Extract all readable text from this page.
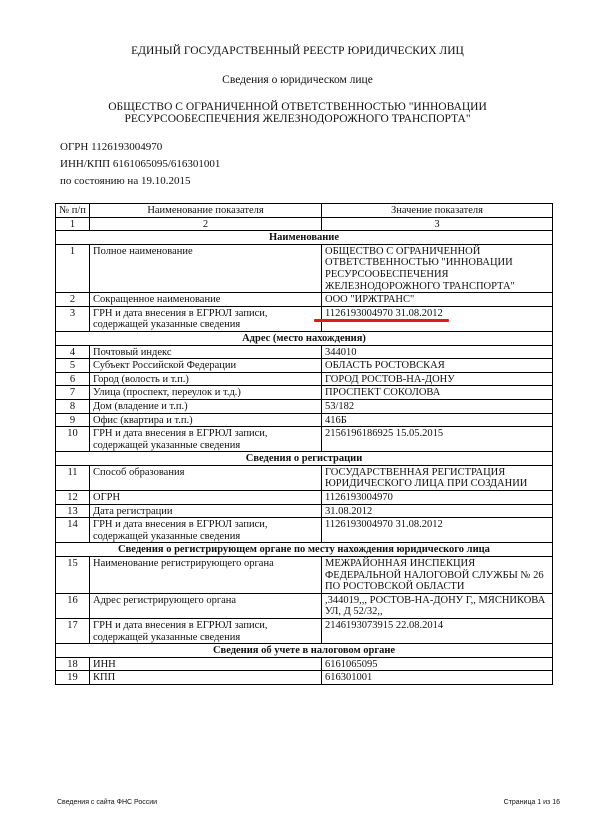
ЕДИНЫЙ ГОСУДАРСТВЕННЫЙ РЕЕСТР ЮРИДИЧЕСКИХ ЛИЦ
Сведения о юридическом лице
ОБЩЕСТВО С ОГРАНИЧЕННОЙ ОТВЕТСТВЕННОСТЬЮ "ИННОВАЦИИ
РЕСУРСООБЕСПЕЧЕНИЯ ЖЕЛЕЗНОДОРОЖНОГО ТРАНСПОРТА"
ОГРН 1126193004970
ИНН/КПП 6161065095/616301001
по состоянию на 19.10.2015
№ п/п	Наименование показателя	Значение показателя
1	2	3
Наименование		
1	Полное наименование	ОБЩЕСТВО С ОГРАНИЧЕННОЙ ОТВЕТСТВЕННОСТЬЮ "ИННОВАЦИИ РЕСУРСООБЕСПЕЧЕНИЯ ЖЕЛЕЗНОДОРОЖНОГО ТРАНСПОРТА"
2	Сокращенное наименование	ООО "ИРЖТРАНС"
3	ГРН и дата внесения в ЕГРЮЛ записи, содержащей указанные сведения	1126193004970 31.08.2012
Адрес (место нахождения)		
4	Почтовый индекс	344010
5	Субъект Российской Федерации	ОБЛАСТЬ РОСТОВСКАЯ
6	Город (волость и т.п.)	ГОРОД РОСТОВ-НА-ДОНУ
7	Улица (проспект, переулок и т.д.)	ПРОСПЕКТ СОКОЛОВА
8	Дом (владение и т.п.)	53/182
9	Офис (квартира и т.п.)	416Б
10	ГРН и дата внесения в ЕГРЮЛ записи, содержащей указанные сведения	2156196186925 15.05.2015
Сведения о регистрации		
11	Способ образования	ГОСУДАРСТВЕННАЯ РЕГИСТРАЦИЯ ЮРИДИЧЕСКОГО ЛИЦА ПРИ СОЗДАНИИ
12	ОГРН	1126193004970
13	Дата регистрации	31.08.2012
14	ГРН и дата внесения в ЕГРЮЛ записи, содержащей указанные сведения	1126193004970 31.08.2012
Сведения о регистрирующем органе по месту нахождения юридического лица		
15	Наименование регистрирующего органа	МЕЖРАЙОННАЯ ИНСПЕКЦИЯ ФЕДЕРАЛЬНОЙ НАЛОГОВОЙ СЛУЖБЫ № 26 ПО РОСТОВСКОЙ ОБЛАСТИ
16	Адрес регистрирующего органа	,344019,,, РОСТОВ-НА-ДОНУ Г,, МЯСНИКОВА УЛ, Д 52/32,,
17	ГРН и дата внесения в ЕГРЮЛ записи, содержащей указанные сведения	2146193073915 22.08.2014
Сведения об учете в налоговом органе		
18	ИНН	6161065095
19	КПП	616301001
Сведения с сайта ФНС России	Страница 1 из 16
